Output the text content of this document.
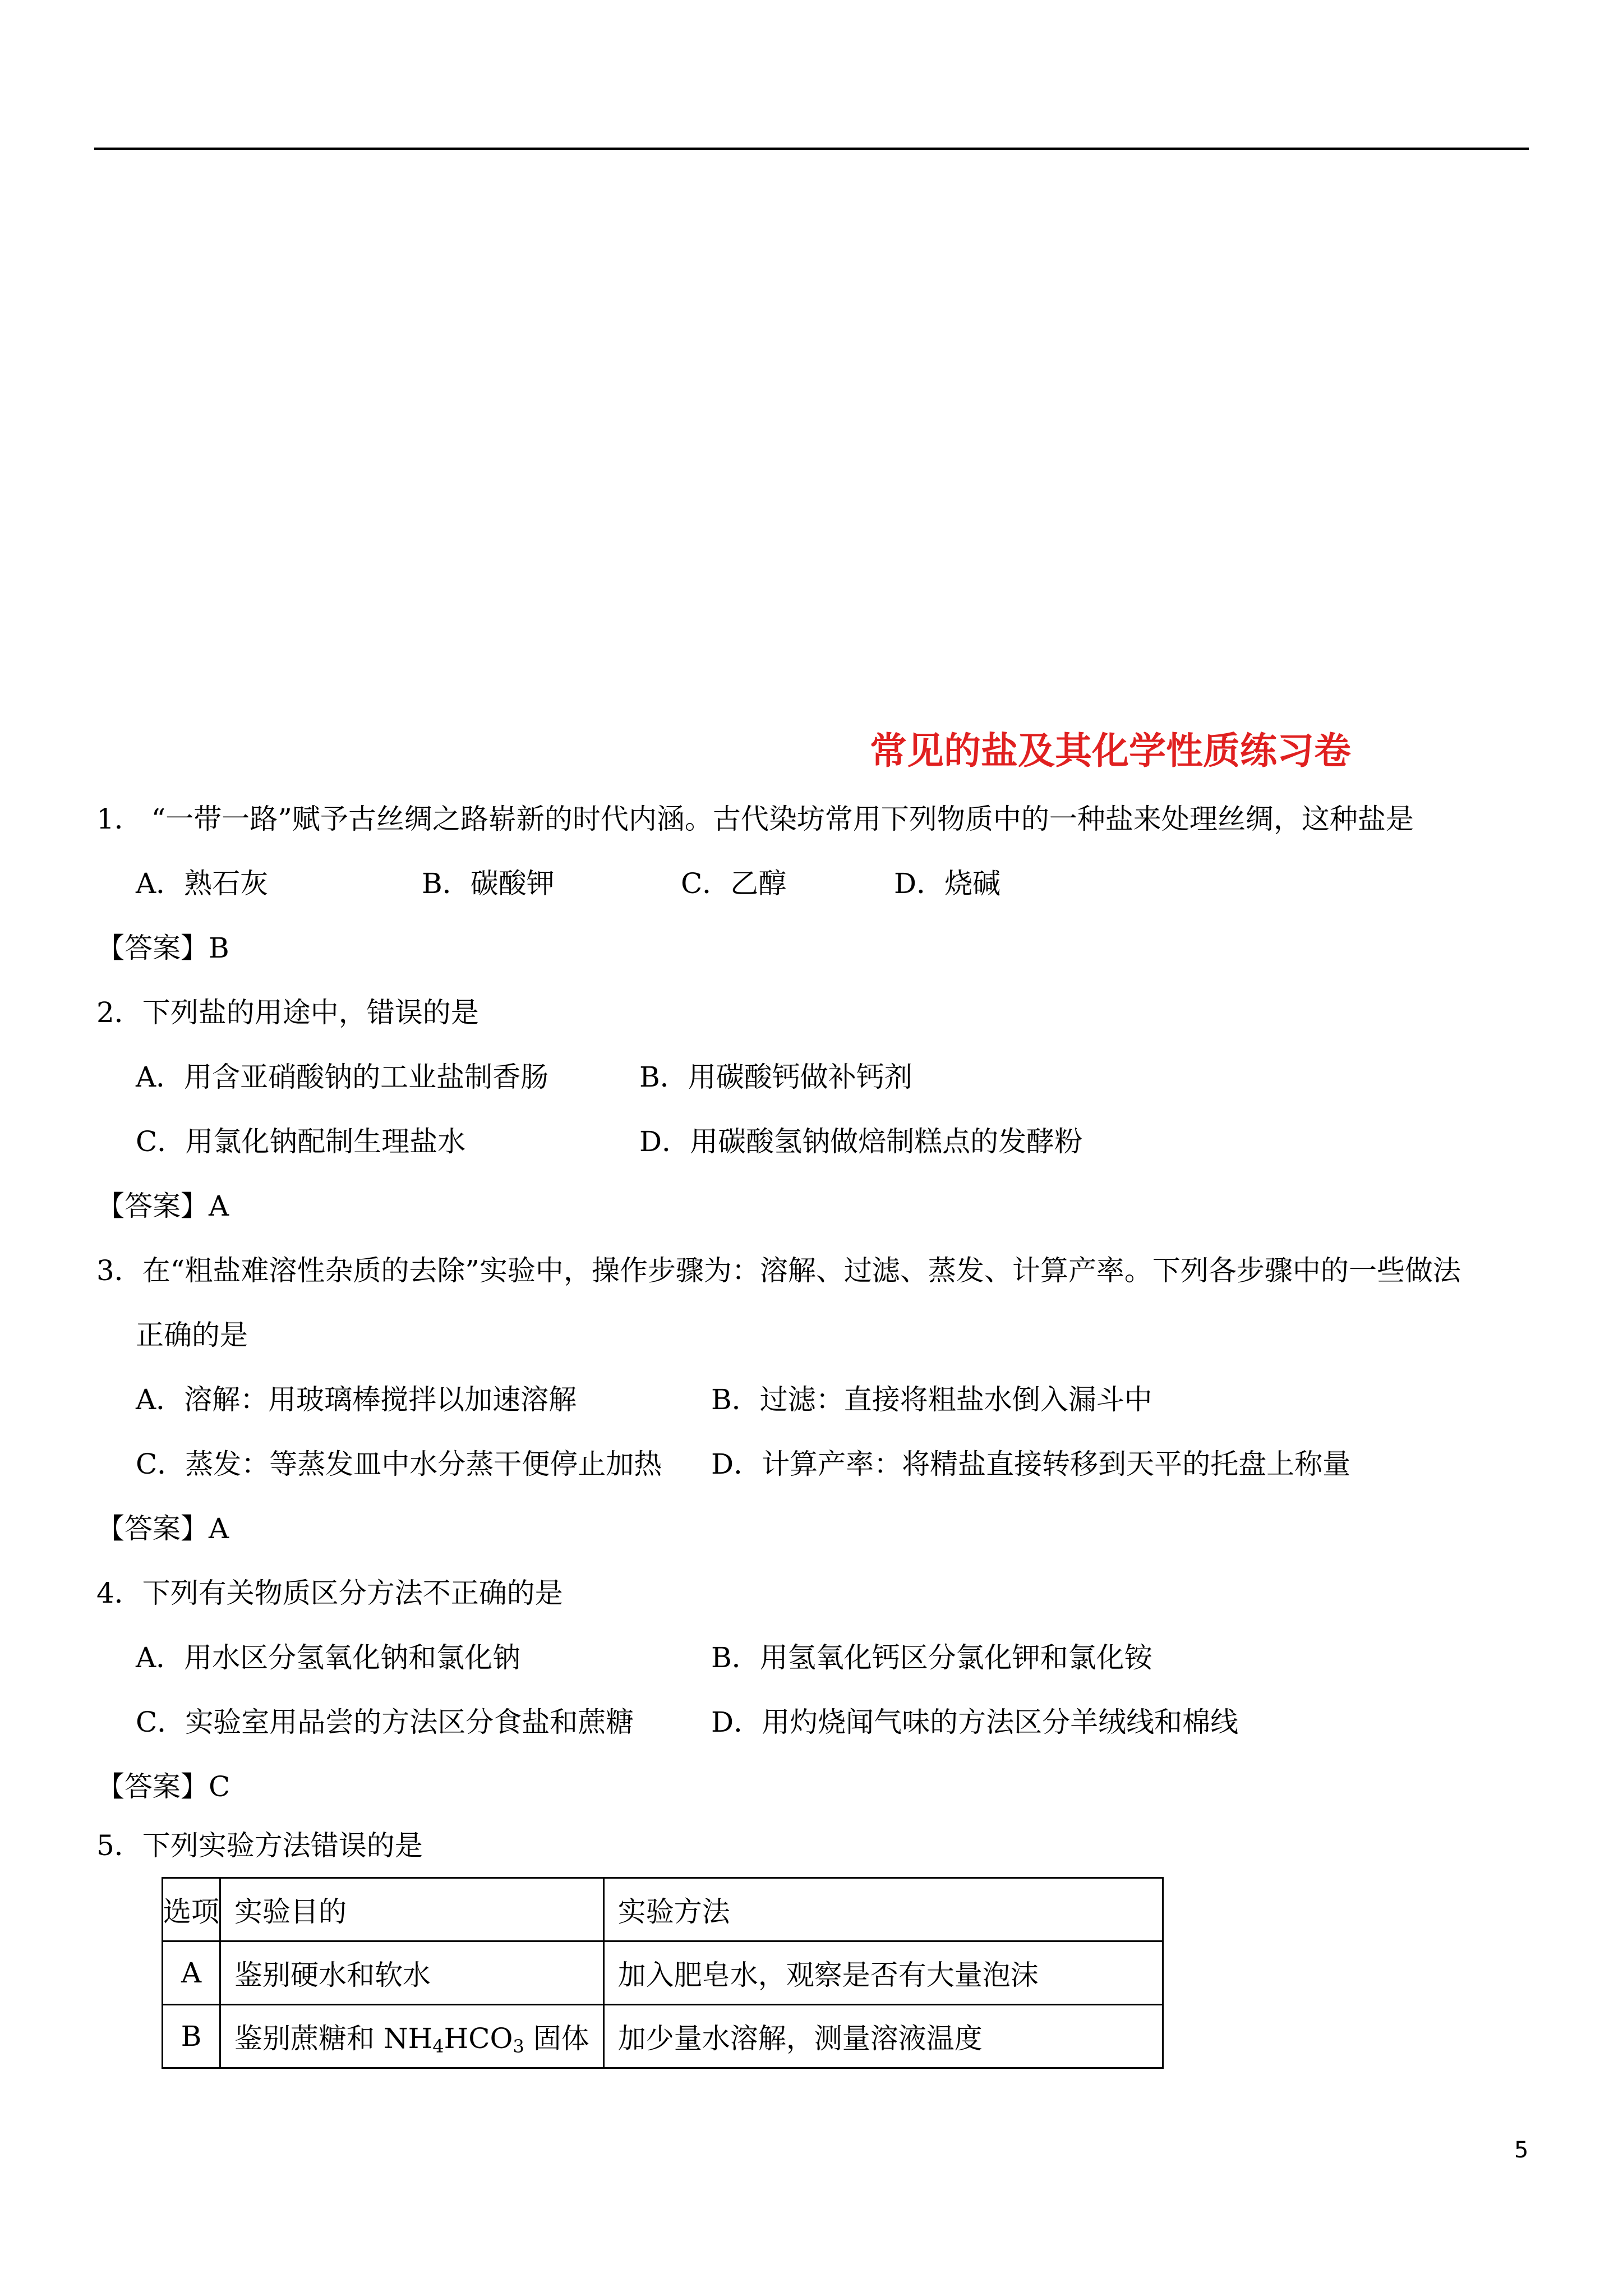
常见的盐及其化学性质练习卷
1． “一带一路”赋予古丝绸之路崭新的时代内涵。古代染坊常用下列物质中的一种盐来处理丝绸，这种盐是
A．熟石灰	B．碳酸钾	C．乙醇	D．烧碱
【答案】B
2．下列盐的用途中，错误的是
A．用含亚硝酸钠的工业盐制香肠	B．用碳酸钙做补钙剂
C．用氯化钠配制生理盐水	D．用碳酸氢钠做焙制糕点的发酵粉
【答案】A
3．在“粗盐难溶性杂质的去除”实验中，操作步骤为：溶解、过滤、蒸发、计算产率。下列各步骤中的一些做法
正确的是
A．溶解：用玻璃棒搅拌以加速溶解	B．过滤：直接将粗盐水倒入漏斗中
C．蒸发：等蒸发皿中水分蒸干便停止加热 D．计算产率：将精盐直接转移到天平的托盘上称量
【答案】A
4．下列有关物质区分方法不正确的是
A．用水区分氢氧化钠和氯化钠	B．用氢氧化钙区分氯化钾和氯化铵
C．实验室用品尝的方法区分食盐和蔗糖	D．用灼烧闻气味的方法区分羊绒线和棉线
【答案】C
5．下列实验方法错误的是
选项	实验目的	实验方法
A	鉴别硬水和软水	加入肥皂水，观察是否有大量泡沫
B	鉴别蔗糖和 $NH_4HCO_3$ 固体	加少量水溶解，测量溶液温度
5
